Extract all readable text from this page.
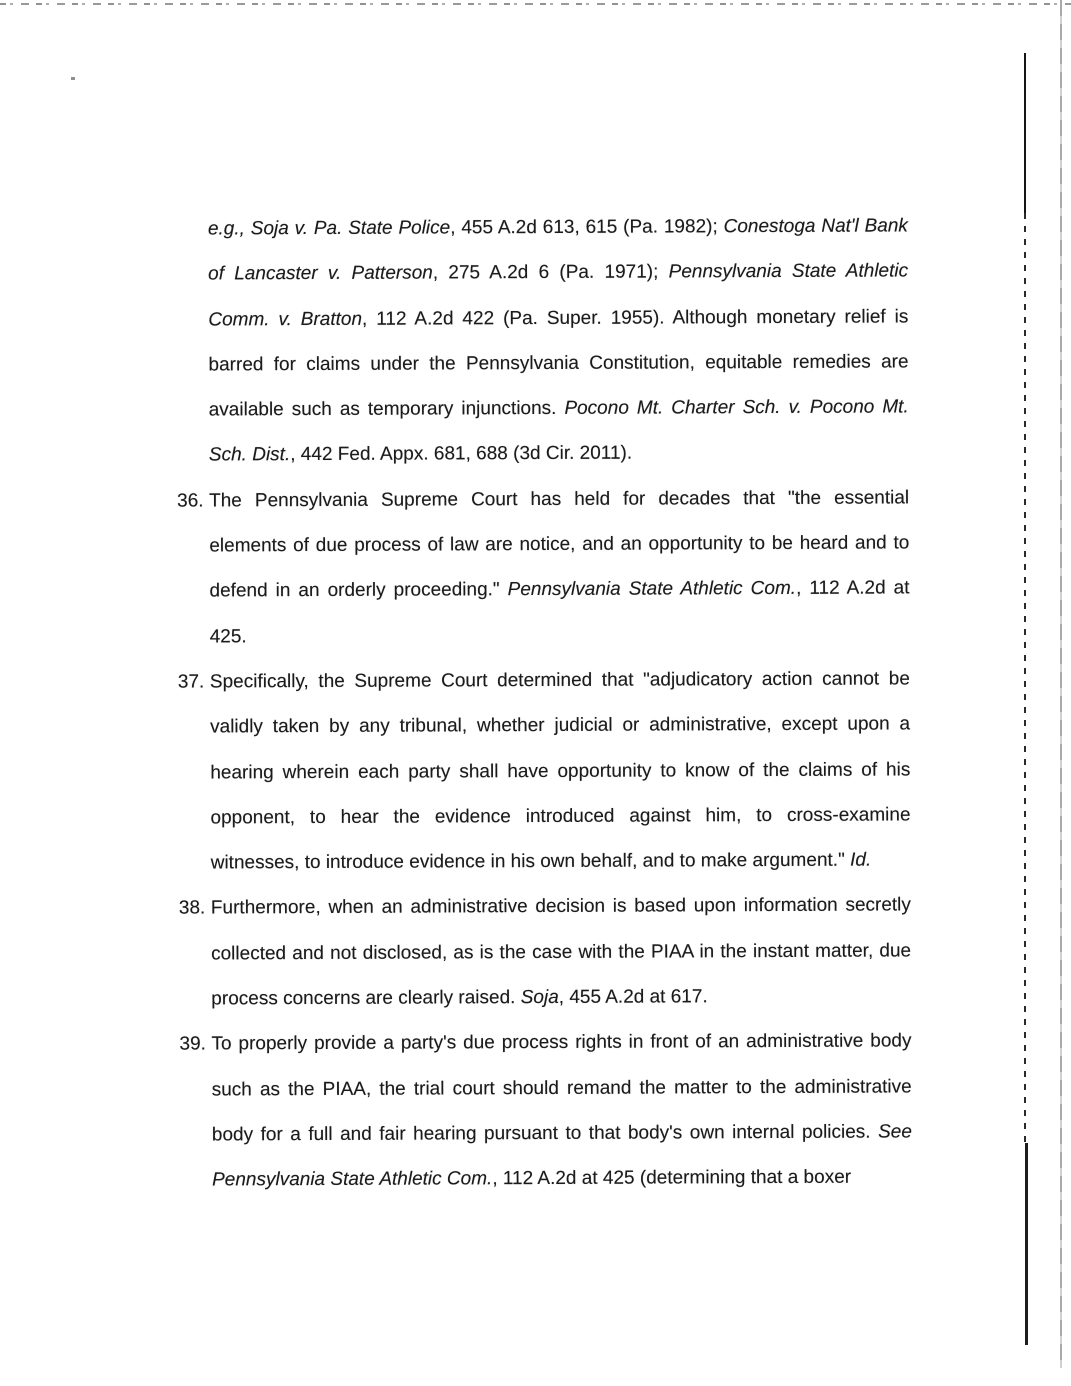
e.g., Soja v. Pa. State Police, 455 A.2d 613, 615 (Pa. 1982); Conestoga Nat'l Bank of Lancaster v. Patterson, 275 A.2d 6 (Pa. 1971); Pennsylvania State Athletic Comm. v. Bratton, 112 A.2d 422 (Pa. Super. 1955). Although monetary relief is barred for claims under the Pennsylvania Constitution, equitable remedies are available such as temporary injunctions. Pocono Mt. Charter Sch. v. Pocono Mt. Sch. Dist., 442 Fed. Appx. 681, 688 (3d Cir. 2011).
36. The Pennsylvania Supreme Court has held for decades that "the essential elements of due process of law are notice, and an opportunity to be heard and to defend in an orderly proceeding." Pennsylvania State Athletic Com., 112 A.2d at 425.
37. Specifically, the Supreme Court determined that "adjudicatory action cannot be validly taken by any tribunal, whether judicial or administrative, except upon a hearing wherein each party shall have opportunity to know of the claims of his opponent, to hear the evidence introduced against him, to cross-examine witnesses, to introduce evidence in his own behalf, and to make argument." Id.
38. Furthermore, when an administrative decision is based upon information secretly collected and not disclosed, as is the case with the PIAA in the instant matter, due process concerns are clearly raised. Soja, 455 A.2d at 617.
39. To properly provide a party's due process rights in front of an administrative body such as the PIAA, the trial court should remand the matter to the administrative body for a full and fair hearing pursuant to that body's own internal policies. See Pennsylvania State Athletic Com., 112 A.2d at 425 (determining that a boxer
